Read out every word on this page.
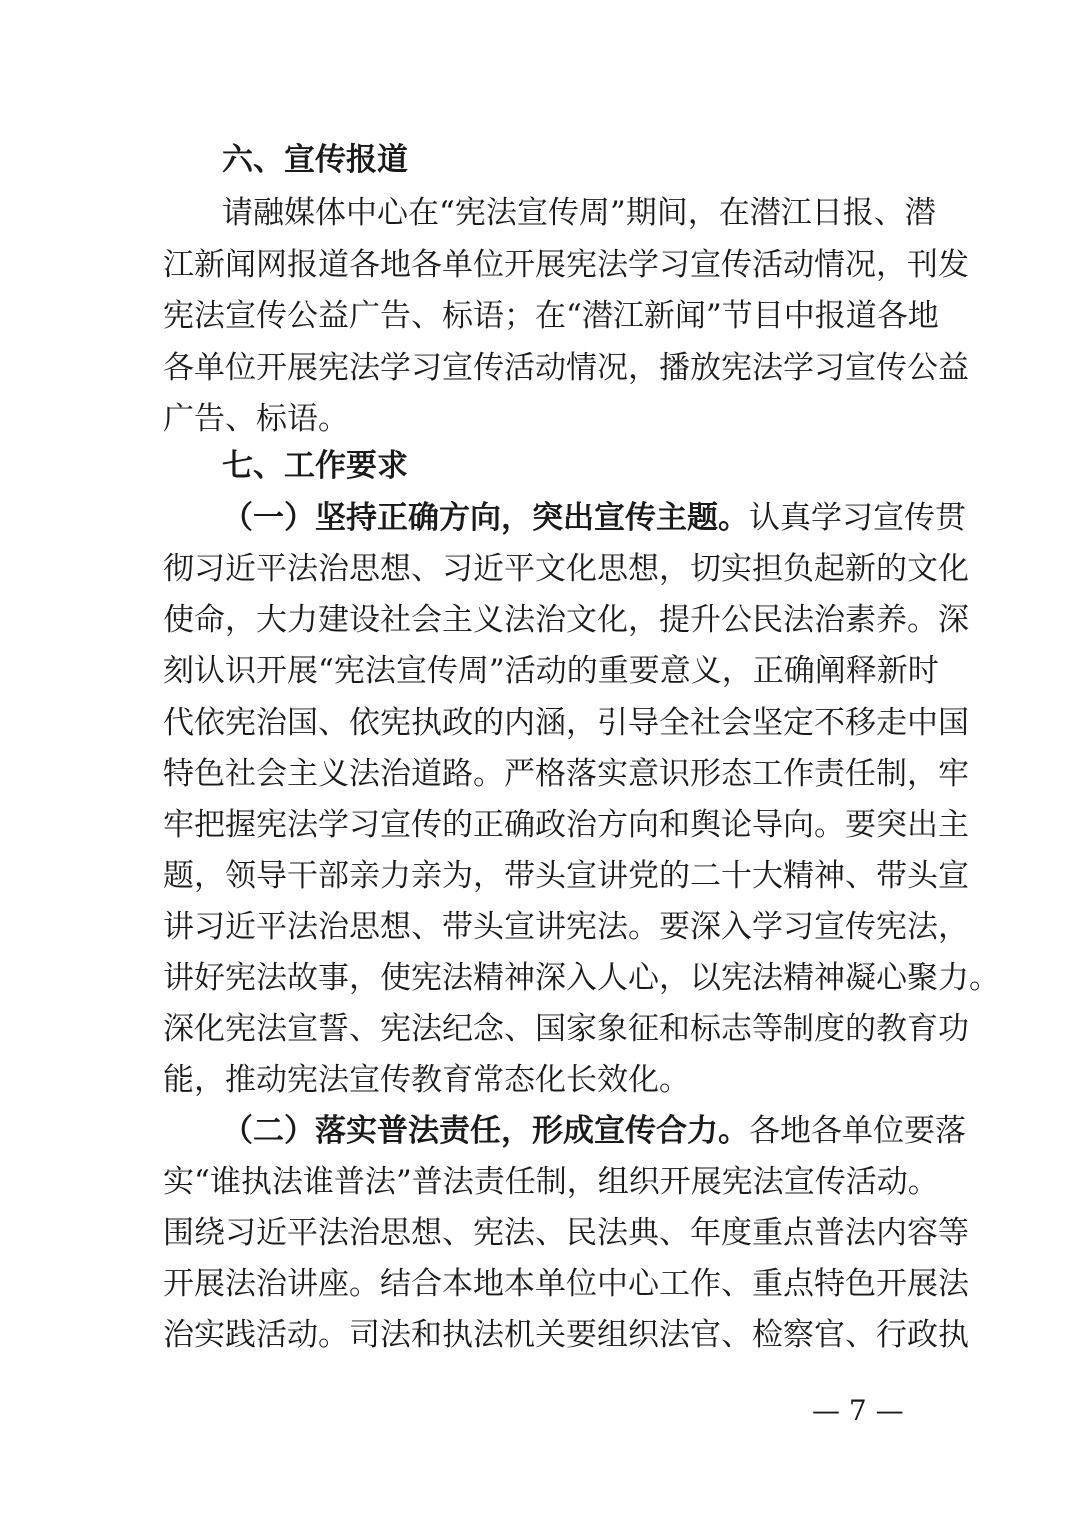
六、宣传报道
请融媒体中心在“宪法宣传周”期间，在潜江日报、潜
江新闻网报道各地各单位开展宪法学习宣传活动情况，刊发
宪法宣传公益广告、标语；在“潜江新闻”节目中报道各地
各单位开展宪法学习宣传活动情况，播放宪法学习宣传公益
广告、标语。
七、工作要求
（一）坚持正确方向，突出宣传主题。认真学习宣传贯
彻习近平法治思想、习近平文化思想，切实担负起新的文化
使命，大力建设社会主义法治文化，提升公民法治素养。深
刻认识开展“宪法宣传周”活动的重要意义，正确阐释新时
代依宪治国、依宪执政的内涵，引导全社会坚定不移走中国
特色社会主义法治道路。严格落实意识形态工作责任制，牢
牢把握宪法学习宣传的正确政治方向和舆论导向。要突出主
题，领导干部亲力亲为，带头宣讲党的二十大精神、带头宣
讲习近平法治思想、带头宣讲宪法。要深入学习宣传宪法，
讲好宪法故事，使宪法精神深入人心，以宪法精神凝心聚力。
深化宪法宣誓、宪法纪念、国家象征和标志等制度的教育功
能，推动宪法宣传教育常态化长效化。
（二）落实普法责任，形成宣传合力。各地各单位要落
实“谁执法谁普法”普法责任制，组织开展宪法宣传活动。
围绕习近平法治思想、宪法、民法典、年度重点普法内容等
开展法治讲座。结合本地本单位中心工作、重点特色开展法
治实践活动。司法和执法机关要组织法官、检察官、行政执
— 7 —
